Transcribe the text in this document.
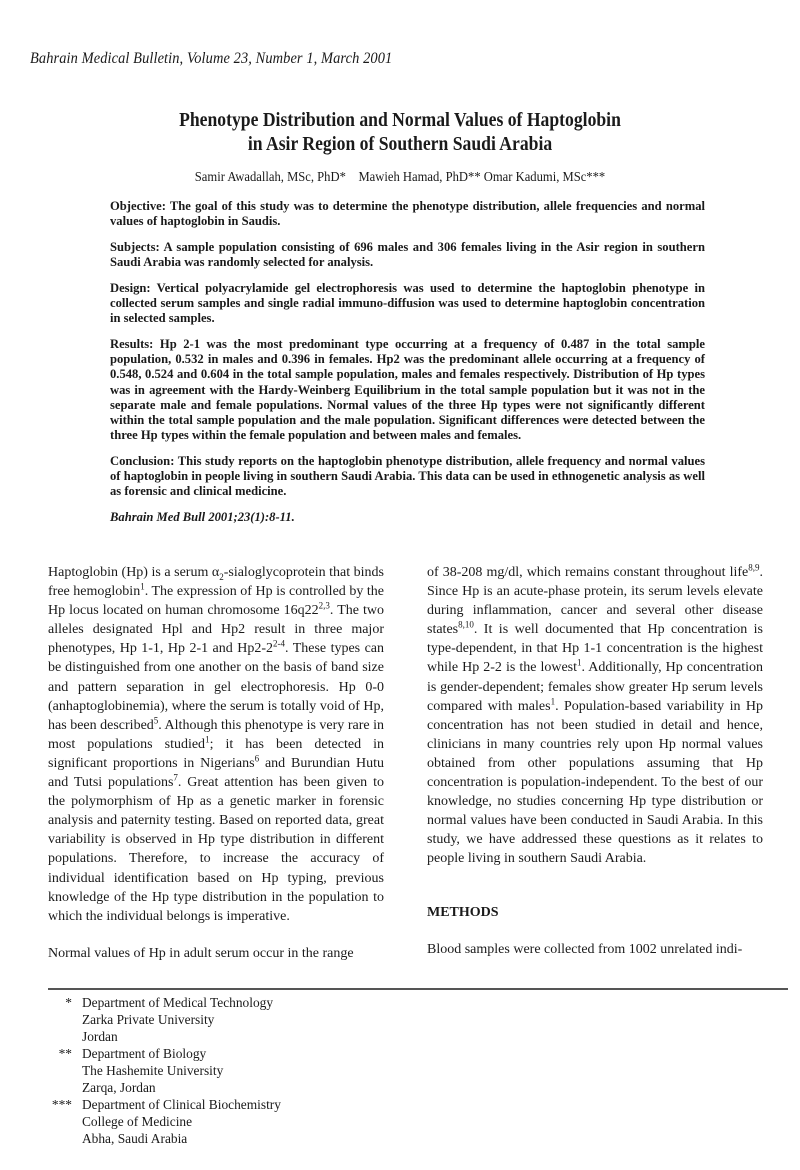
Bahrain Medical Bulletin, Volume 23, Number 1, March 2001
Phenotype Distribution and Normal Values of Haptoglobin
in Asir Region of Southern Saudi Arabia
Samir Awadallah, MSc, PhD*    Mawieh Hamad, PhD** Omar Kadumi, MSc***

Objective: The goal of this study was to determine the phenotype distribution, allele frequencies and normal values of haptoglobin in Saudis.

Subjects: A sample population consisting of 696 males and 306 females living in the Asir region in southern Saudi Arabia was randomly selected for analysis.

Design: Vertical polyacrylamide gel electrophoresis was used to determine the haptoglobin phenotype in collected serum samples and single radial immuno-diffusion was used to determine haptoglobin concentration in selected samples.

Results: Hp 2-1 was the most predominant type occurring at a frequency of 0.487 in the total sample population, 0.532 in males and 0.396 in females. Hp2 was the predominant allele occurring at a frequency of 0.548, 0.524 and 0.604 in the total sample population, males and females respectively. Distribution of Hp types was in agreement with the Hardy-Weinberg Equilibrium in the total sample population but it was not in the separate male and female populations. Normal values of the three Hp types were not significantly different within the total sample population and the male population. Significant differences were detected between the three Hp types within the female population and between males and females.

Conclusion: This study reports on the haptoglobin phenotype distribution, allele frequency and normal values of haptoglobin in people living in southern Saudi Arabia. This data can be used in ethnogenetic analysis as well as forensic and clinical medicine.

Bahrain Med Bull 2001;23(1):8-11.

Haptoglobin (Hp) is a serum $\alpha_2$-sialoglycoprotein that binds free hemoglobin$^1$. The expression of Hp is controlled by the Hp locus located on human chromosome 16q22$^{2,3}$. The two alleles designated Hpl and Hp2 result in three major phenotypes, Hp 1-1, Hp 2-1 and Hp2-2$^{2-4}$. These types can be distinguished from one another on the basis of band size and pattern separation in gel electrophoresis. Hp 0-0 (anhaptoglobinemia), where the serum is totally void of Hp, has been described$^5$. Although this phenotype is very rare in most populations studied$^1$; it has been detected in significant proportions in Nigerians$^6$ and Burundian Hutu and Tutsi populations$^7$. Great attention has been given to the polymorphism of Hp as a genetic marker in forensic analysis and paternity testing. Based on reported data, great variability is observed in Hp type distribution in different populations. Therefore, to increase the accuracy of individual identification based on Hp typing, previous knowledge of the Hp type distribution in the population to which the individual belongs is imperative.

Normal values of Hp in adult serum occur in the range

of 38-208 mg/dl, which remains constant throughout life$^{8,9}$. Since Hp is an acute-phase protein, its serum levels elevate during inflammation, cancer and several other disease states$^{8,10}$. It is well documented that Hp concentration is type-dependent, in that Hp 1-1 concentration is the highest while Hp 2-2 is the lowest$^1$. Additionally, Hp concentration is gender-dependent; females show greater Hp serum levels compared with males$^1$. Population-based variability in Hp concentration has not been studied in detail and hence, clinicians in many countries rely upon Hp normal values obtained from other populations assuming that Hp concentration is population-independent. To the best of our knowledge, no studies concerning Hp type distribution or normal values have been conducted in Saudi Arabia. In this study, we have addressed these questions as it relates to people living in southern Saudi Arabia.

METHODS

Blood samples were collected from 1002 unrelated indi-

* Department of Medical Technology
Zarka Private University
Jordan
** Department of Biology
The Hashemite University
Zarqa, Jordan
*** Department of Clinical Biochemistry
College of Medicine
Abha, Saudi Arabia
